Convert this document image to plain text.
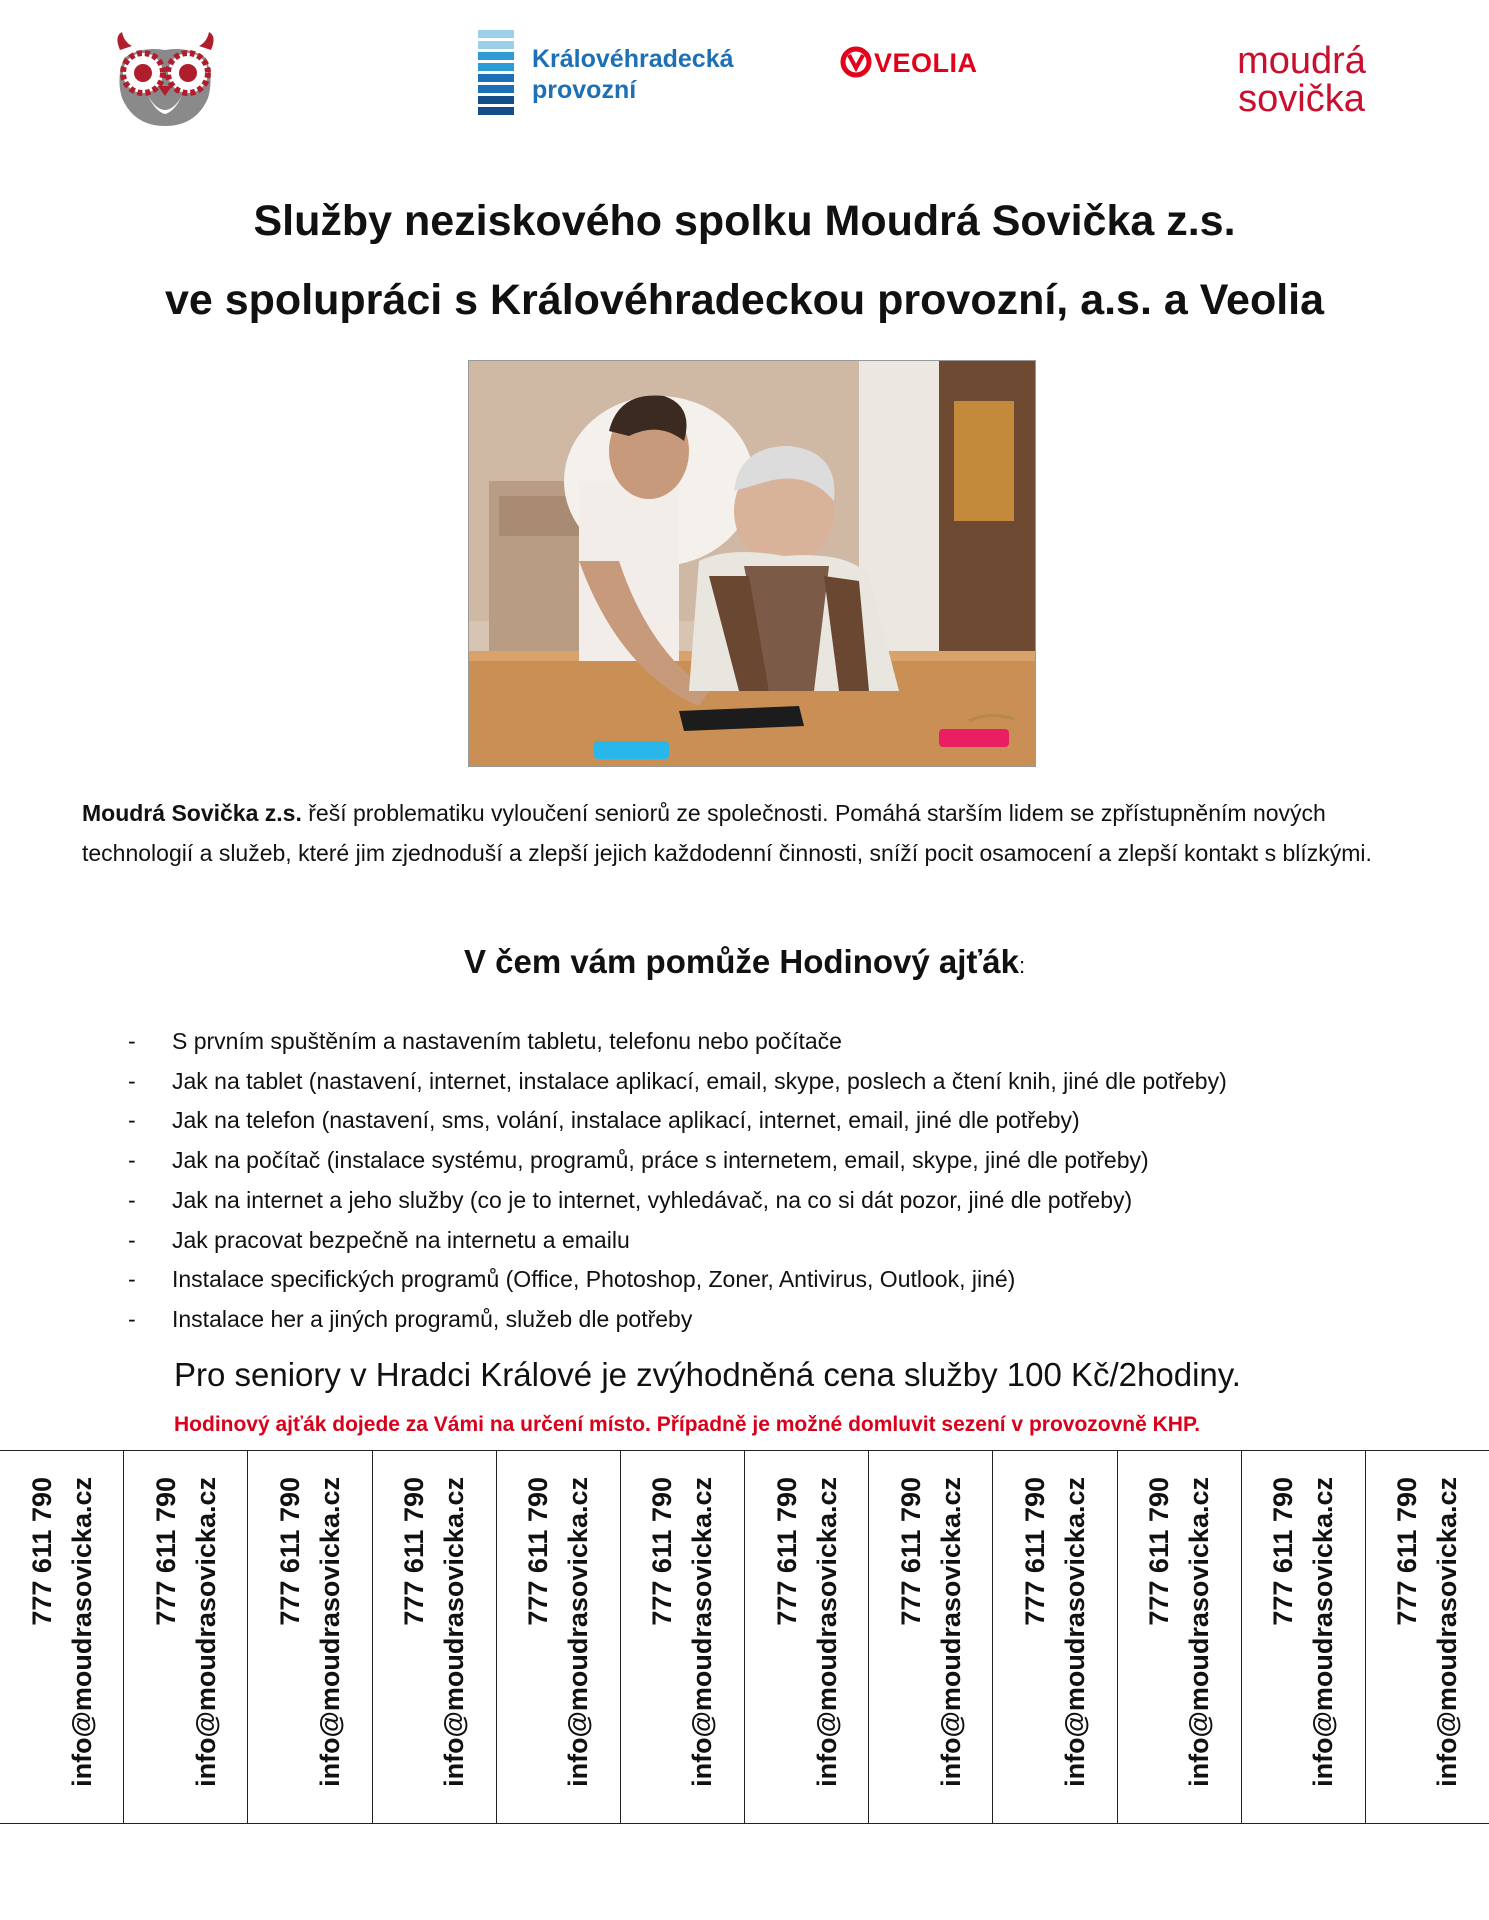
Královéhradecká
provozní
VEOLIA	moudrá
sovička
Služby neziskového spolku Moudrá Sovička z.s.
ve spolupráci s Královéhradeckou provozní, a.s. a Veolia
Moudrá Sovička z.s. řeší problematiku vyloučení seniorů ze společnosti. Pomáhá starším lidem se zpřístupněním nových technologií a služeb, které jim zjednoduší a zlepší jejich každodenní činnosti, sníží pocit osamocení a zlepší kontakt s blízkými.
V čem vám pomůže Hodinový ajťák:
- S prvním spuštěním a nastavením tabletu, telefonu nebo počítače
- Jak na tablet (nastavení, internet, instalace aplikací, email, skype, poslech a čtení knih, jiné dle potřeby)
- Jak na telefon (nastavení, sms, volání, instalace aplikací, internet, email, jiné dle potřeby)
- Jak na počítač (instalace systému, programů, práce s internetem, email, skype, jiné dle potřeby)
- Jak na internet a jeho služby (co je to internet, vyhledávač, na co si dát pozor, jiné dle potřeby)
- Jak pracovat bezpečně na internetu a emailu
- Instalace specifických programů (Office, Photoshop, Zoner, Antivirus, Outlook, jiné)
- Instalace her a jiných programů, služeb dle potřeby
Pro seniory v Hradci Králové je zvýhodněná cena služby 100 Kč/2hodiny.
Hodinový ajťák dojede za Vámi na určení místo. Případně je možné domluvit sezení v provozovně KHP.
777 611 790 info@moudrasovicka.cz 777 611 790 info@moudrasovicka.cz 777 611 790 info@moudrasovicka.cz 777 611 790 info@moudrasovicka.cz 777 611 790 info@moudrasovicka.cz 777 611 790 info@moudrasovicka.cz 777 611 790 info@moudrasovicka.cz 777 611 790 info@moudrasovicka.cz 777 611 790 info@moudrasovicka.cz 777 611 790 info@moudrasovicka.cz 777 611 790 info@moudrasovicka.cz 777 611 790 info@moudrasovicka.cz
